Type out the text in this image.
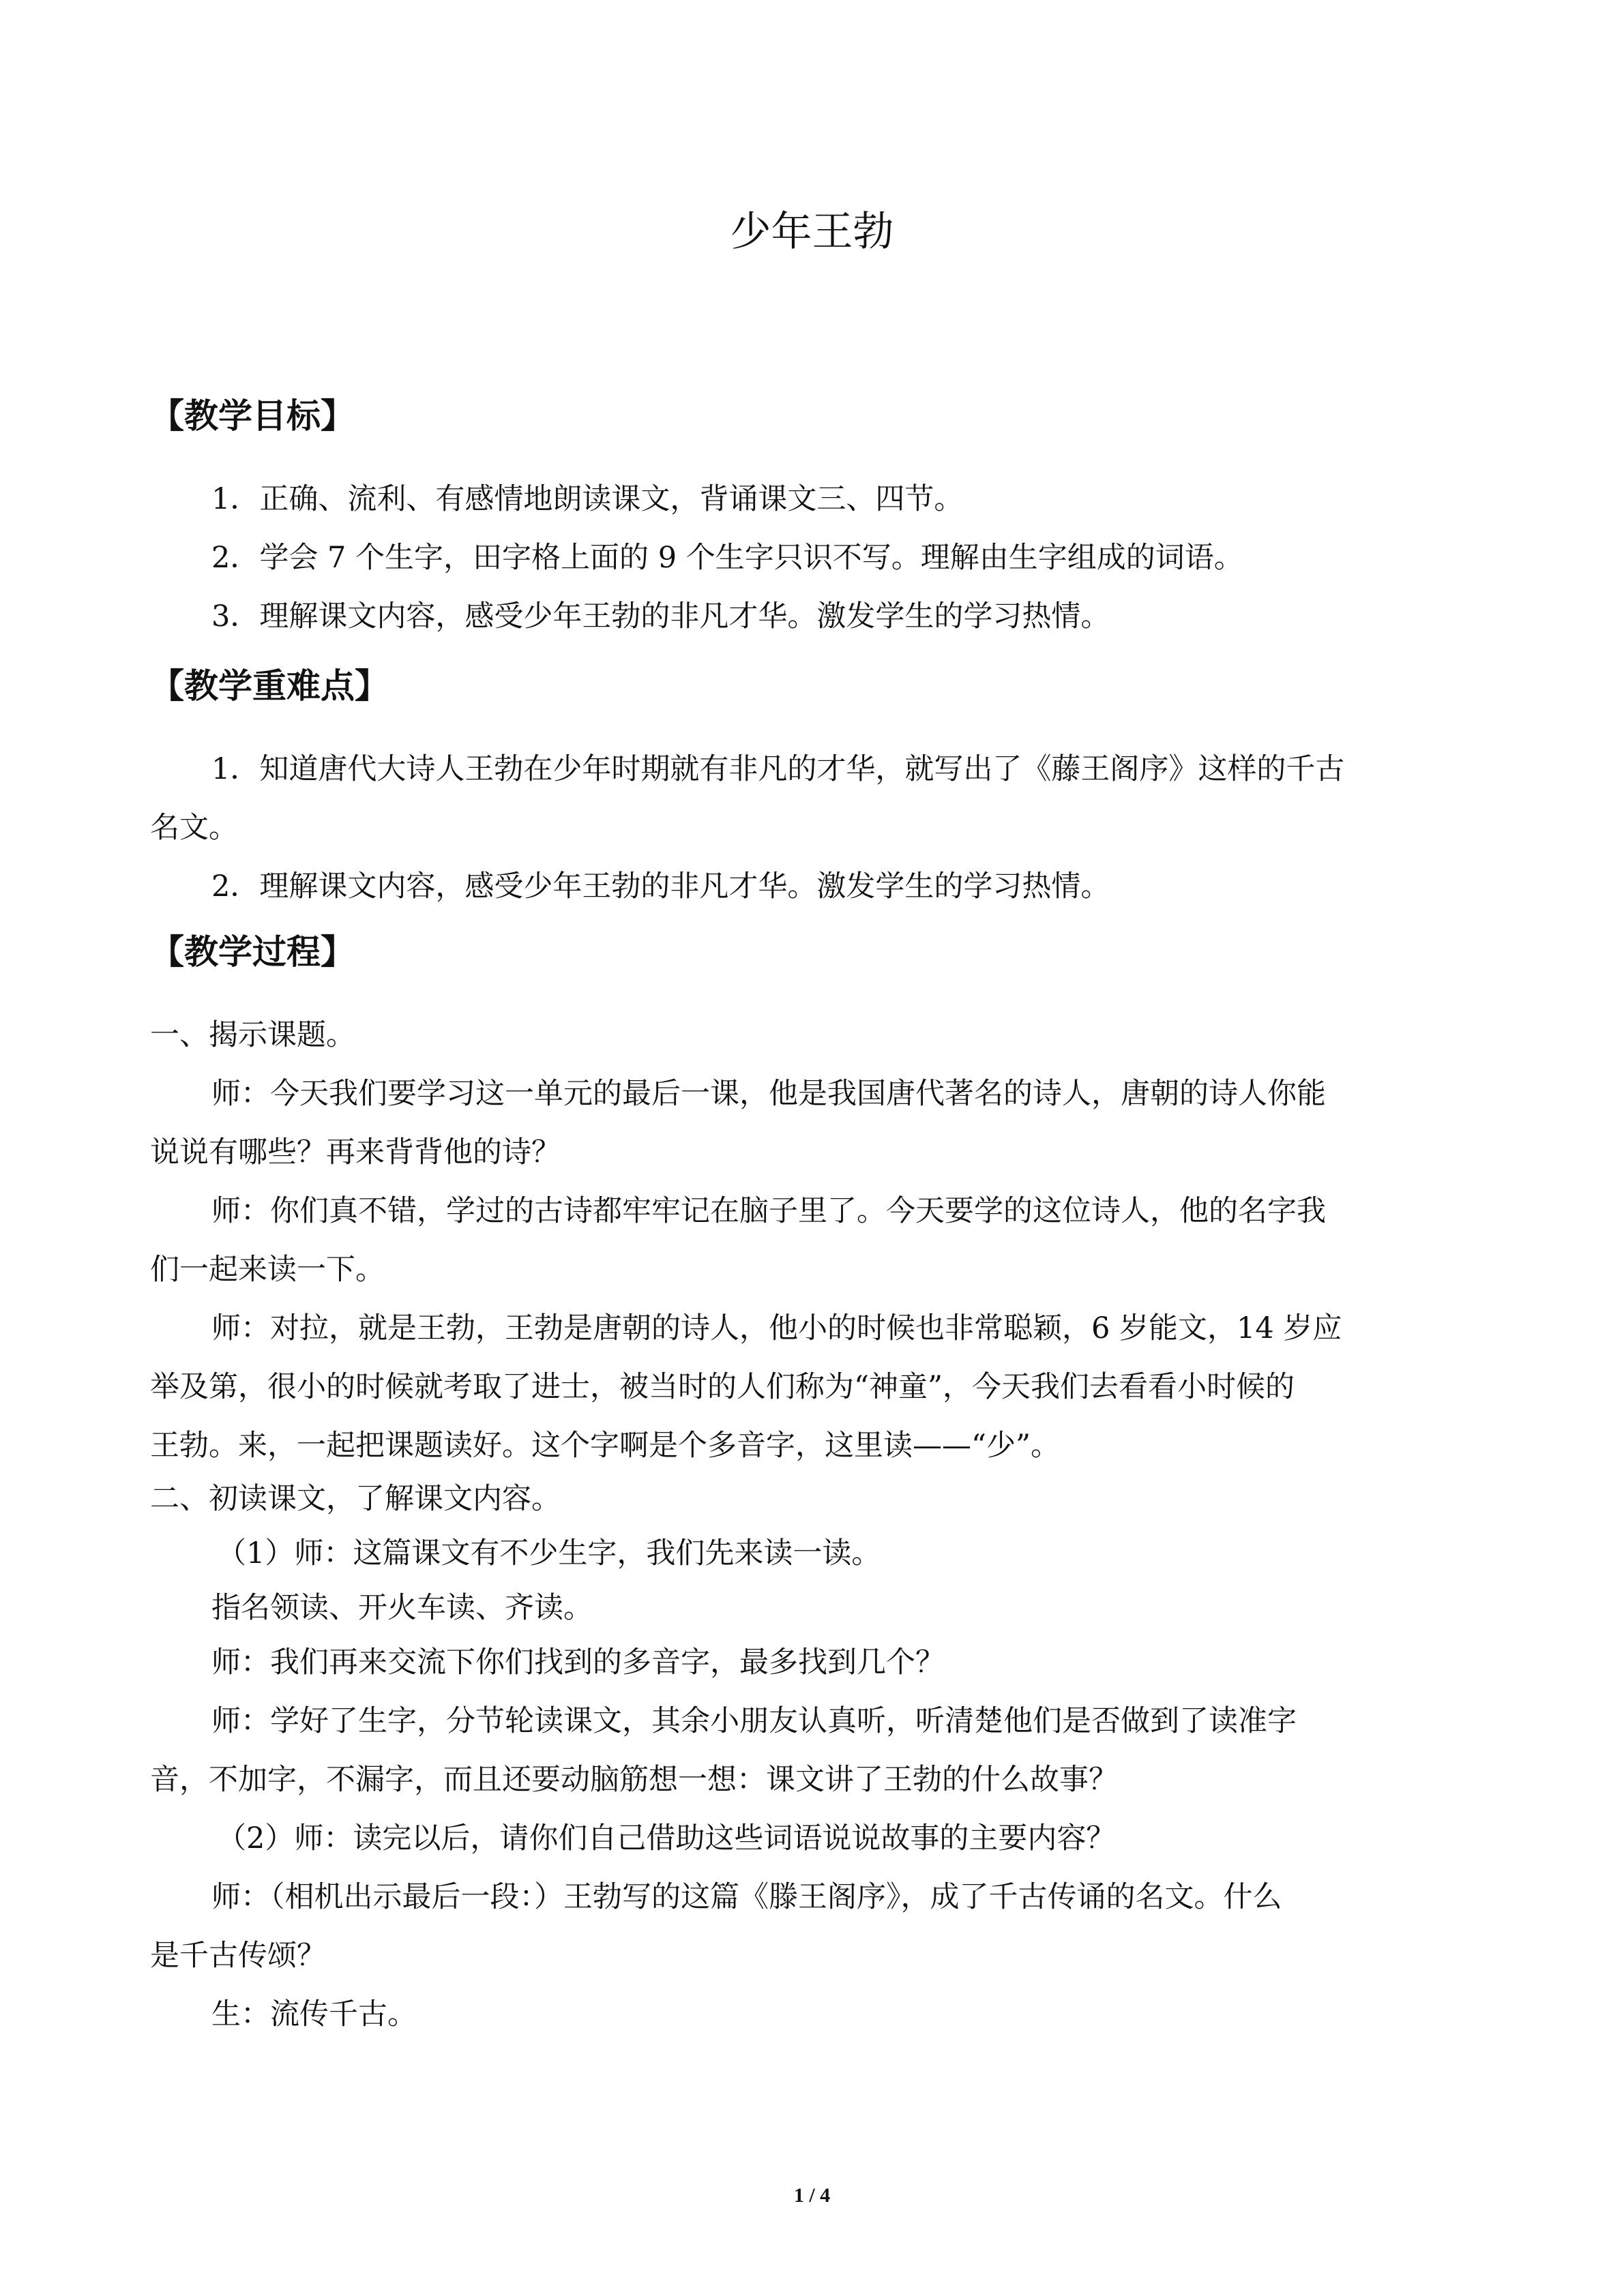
少年王勃
【教学目标】

1．正确、流利、有感情地朗读课文，背诵课文三、四节。

2．学会 7 个生字，田字格上面的 9 个生字只识不写。理解由生字组成的词语。

3．理解课文内容，感受少年王勃的非凡才华。激发学生的学习热情。

【教学重难点】

1．知道唐代大诗人王勃在少年时期就有非凡的才华，就写出了《藤王阁序》这样的千古

名文。

2．理解课文内容，感受少年王勃的非凡才华。激发学生的学习热情。

【教学过程】

一、揭示课题。

师：今天我们要学习这一单元的最后一课，他是我国唐代著名的诗人，唐朝的诗人你能

说说有哪些？再来背背他的诗？

师：你们真不错，学过的古诗都牢牢记在脑子里了。今天要学的这位诗人，他的名字我

们一起来读一下。

师：对拉，就是王勃，王勃是唐朝的诗人，他小的时候也非常聪颖，6 岁能文，14 岁应

举及第，很小的时候就考取了进士，被当时的人们称为“神童”，今天我们去看看小时候的

王勃。来，一起把课题读好。这个字啊是个多音字，这里读——“少”。

二、初读课文，了解课文内容。

（1）师：这篇课文有不少生字，我们先来读一读。

指名领读、开火车读、齐读。

师：我们再来交流下你们找到的多音字，最多找到几个？

师：学好了生字，分节轮读课文，其余小朋友认真听，听清楚他们是否做到了读准字

音，不加字，不漏字，而且还要动脑筋想一想：课文讲了王勃的什么故事？

（2）师：读完以后，请你们自己借助这些词语说说故事的主要内容？

师：（相机出示最后一段：）王勃写的这篇《滕王阁序》，成了千古传诵的名文。什么

是千古传颂？

生：流传千古。

1 / 4
